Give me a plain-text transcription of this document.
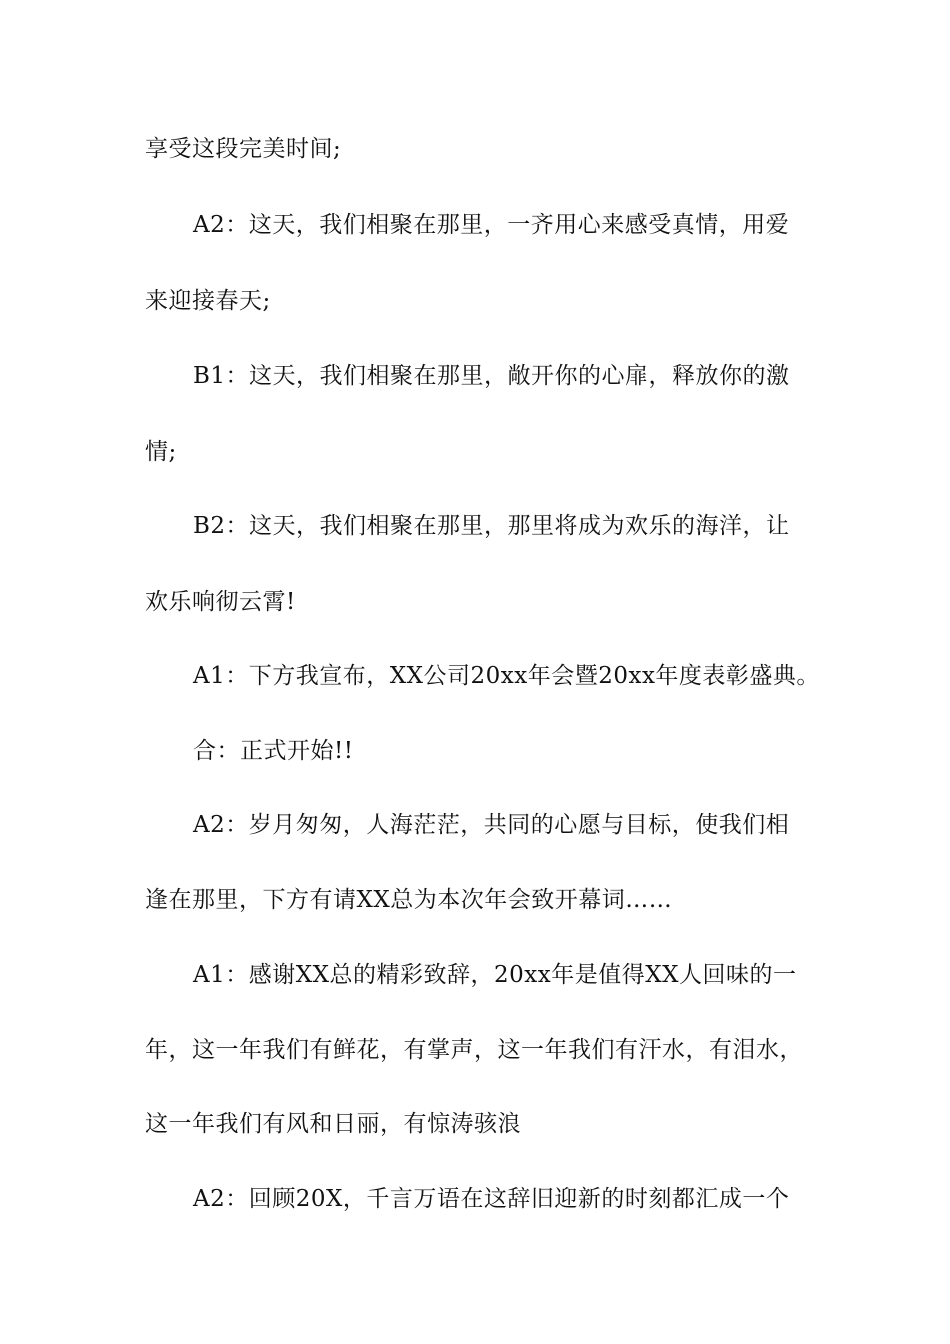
享受这段完美时间;
A2：这天，我们相聚在那里，一齐用心来感受真情，用爱
来迎接春天;
B1：这天，我们相聚在那里，敞开你的心扉，释放你的激
情;
B2：这天，我们相聚在那里，那里将成为欢乐的海洋，让
欢乐响彻云霄!
A1：下方我宣布，XX公司20xx年会暨20xx年度表彰盛典。
合：正式开始!!
A2：岁月匆匆，人海茫茫，共同的心愿与目标，使我们相
逢在那里，下方有请XX总为本次年会致开幕词……
A1：感谢XX总的精彩致辞，20xx年是值得XX人回味的一
年，这一年我们有鲜花，有掌声，这一年我们有汗水，有泪水，
这一年我们有风和日丽，有惊涛骇浪
A2：回顾20X，千言万语在这辞旧迎新的时刻都汇成一个
